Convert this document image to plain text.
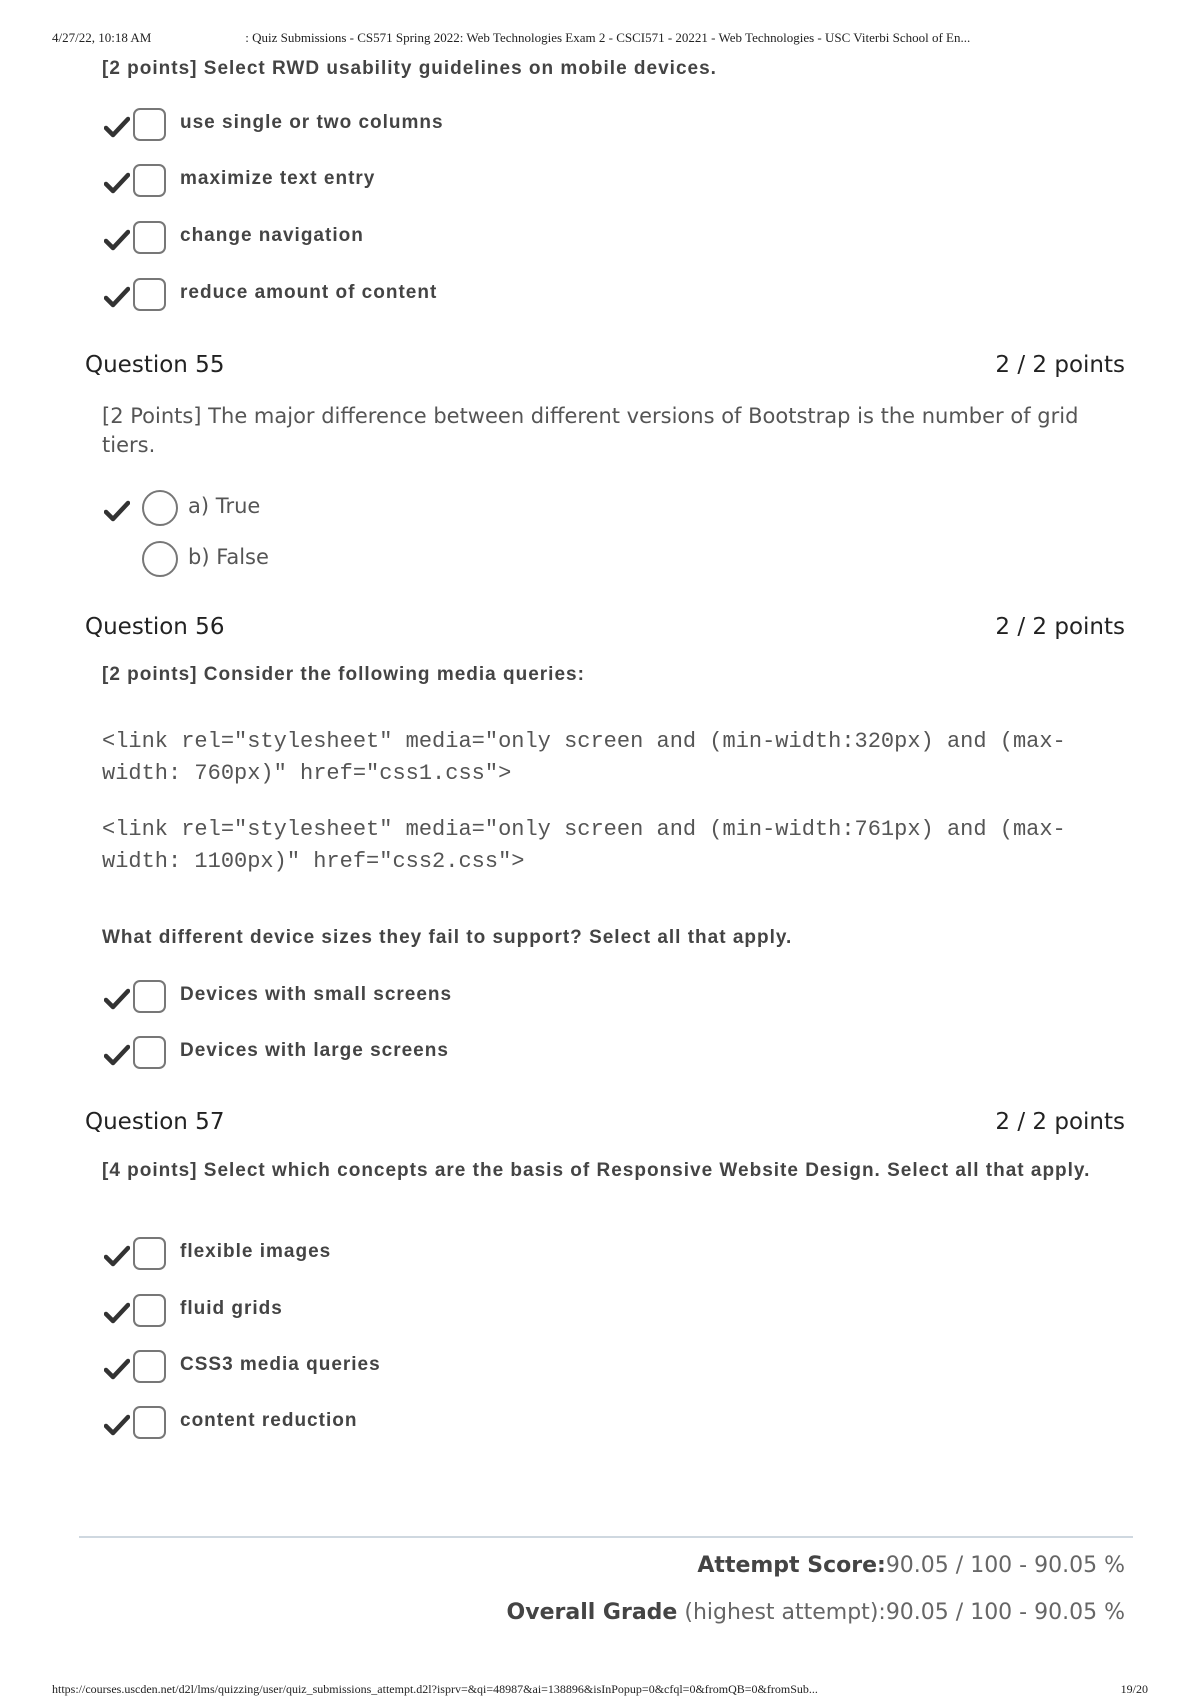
4/27/22, 10:18 AM	: Quiz Submissions - CS571 Spring 2022: Web Technologies Exam 2 - CSCI571 - 20221 - Web Technologies - USC Viterbi School of En...
[2 points] Select RWD usability guidelines on mobile devices.
use single or two columns
maximize text entry
change navigation
reduce amount of content
Question 55	2 / 2 points
[2 Points] The major difference between different versions of Bootstrap is the number of grid tiers.
a) True
b) False
Question 56	2 / 2 points
[2 points] Consider the following media queries:
<link rel="stylesheet" media="only screen and (min-width:320px) and (max-width: 760px)" href="css1.css">
<link rel="stylesheet" media="only screen and (min-width:761px) and (max-width: 1100px)" href="css2.css">
What different device sizes they fail to support? Select all that apply.
Devices with small screens
Devices with large screens
Question 57	2 / 2 points
[4 points] Select which concepts are the basis of Responsive Website Design. Select all that apply.
flexible images
fluid grids
CSS3 media queries
content reduction
Attempt Score:90.05 / 100 - 90.05 %
Overall Grade (highest attempt):90.05 / 100 - 90.05 %
https://courses.uscden.net/d2l/lms/quizzing/user/quiz_submissions_attempt.d2l?isprv=&qi=48987&ai=138896&isInPopup=0&cfql=0&fromQB=0&fromSub...	19/20
